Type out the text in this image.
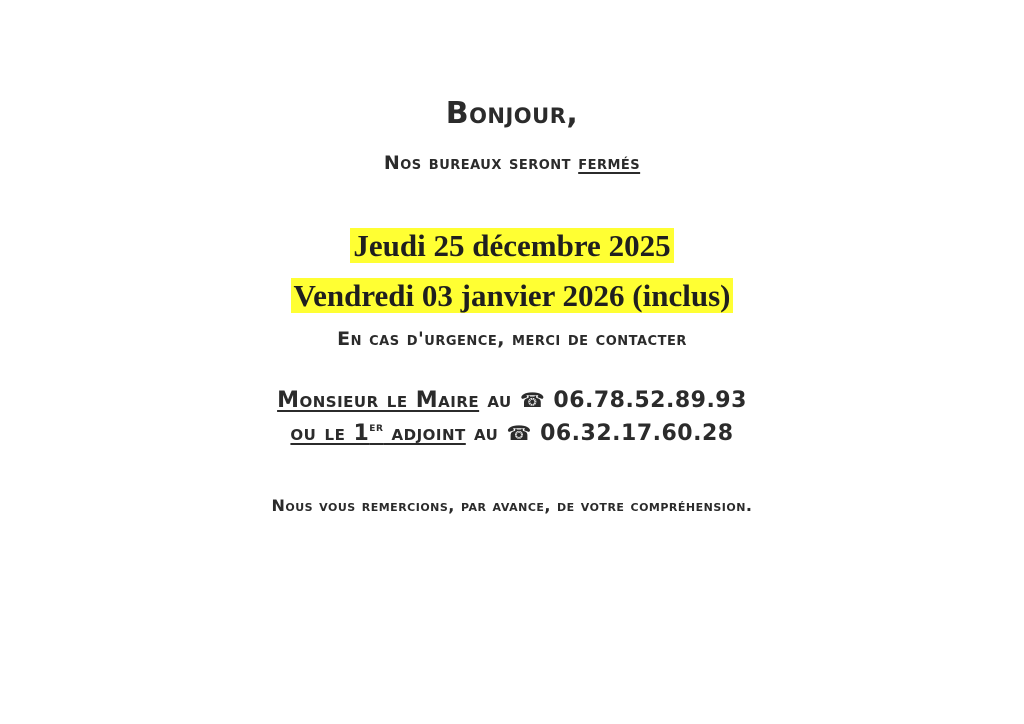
Bonjour,
Nos bureaux seront fermés
Jeudi 25 décembre 2025
Vendredi 03 janvier 2026 (inclus)
En cas d'urgence, merci de contacter
Monsieur le Maire au ☎ 06.78.52.89.93
ou le 1er adjoint au ☎ 06.32.17.60.28
Nous vous remercions, par avance, de votre compréhension.
